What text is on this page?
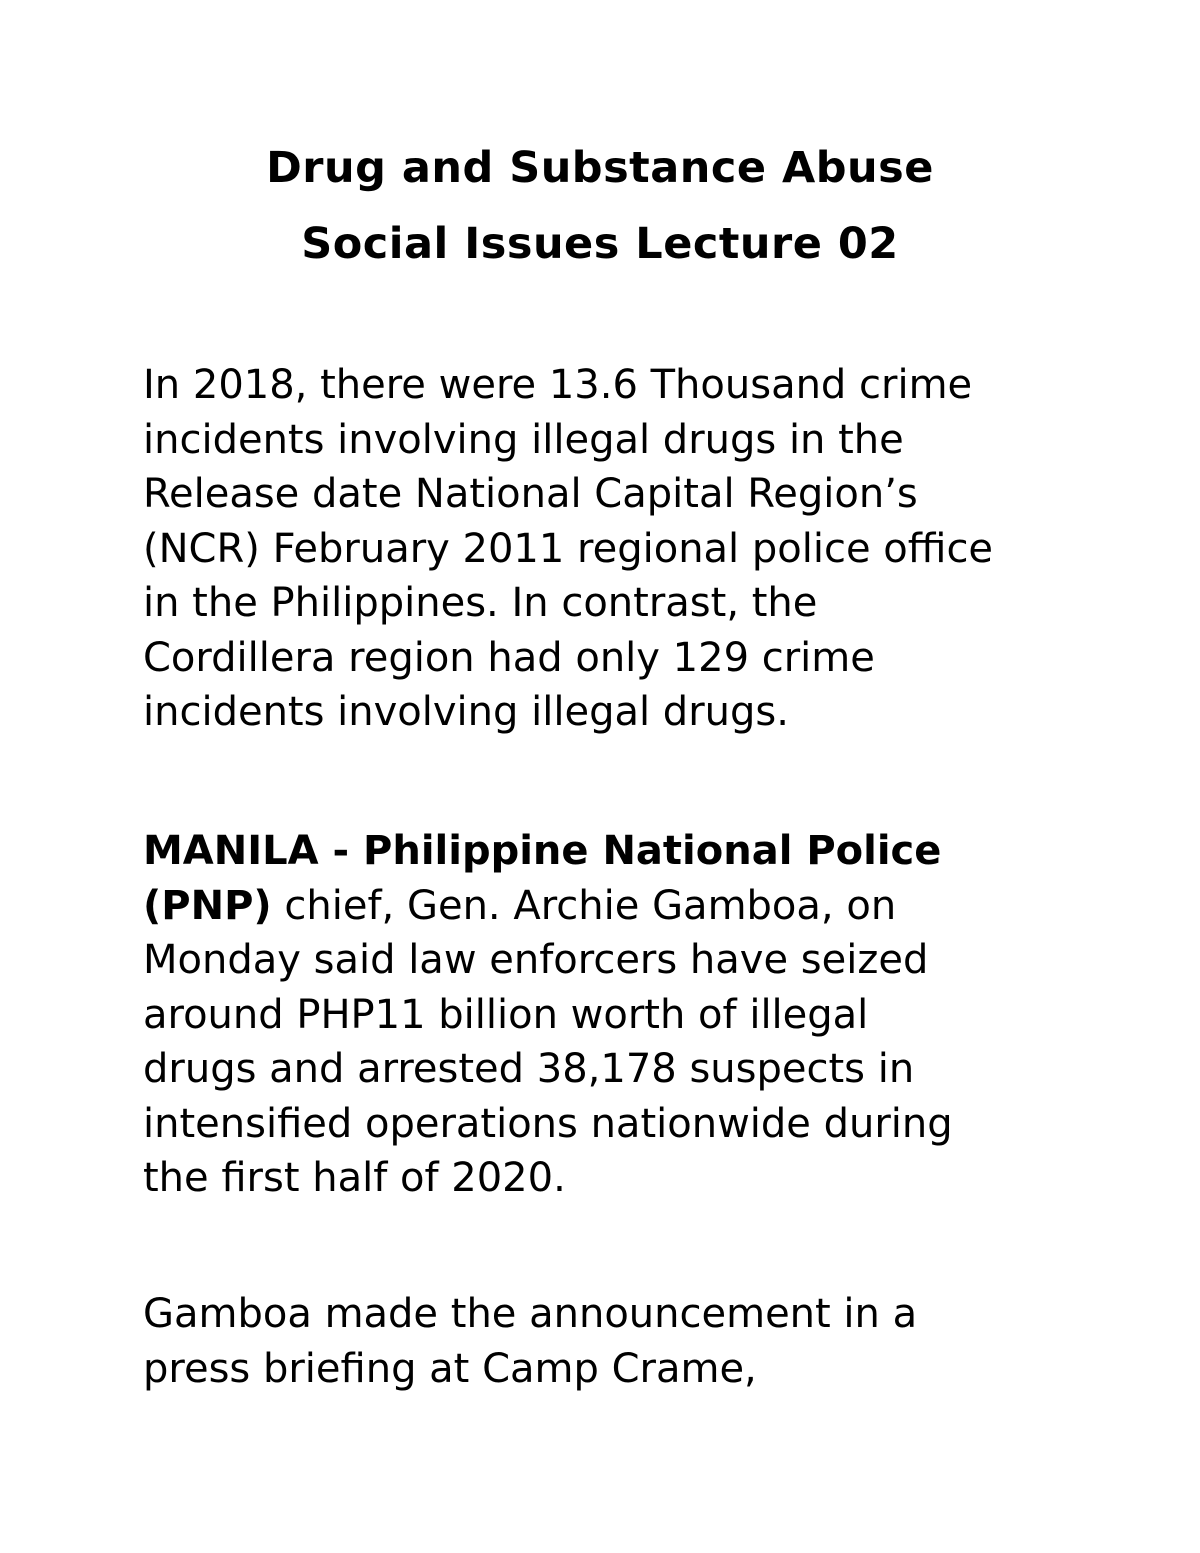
Drug and Substance Abuse
Social Issues Lecture 02
In 2018, there were 13.6 Thousand crime
incidents involving illegal drugs in the
Release date National Capital Region’s
(NCR) February 2011 regional police office
in the Philippines. In contrast, the
Cordillera region had only 129 crime
incidents involving illegal drugs.
MANILA - Philippine National Police
(PNP) chief, Gen. Archie Gamboa, on
Monday said law enforcers have seized
around PHP11 billion worth of illegal
drugs and arrested 38,178 suspects in
intensified operations nationwide during
the first half of 2020.
Gamboa made the announcement in a
press briefing at Camp Crame,
